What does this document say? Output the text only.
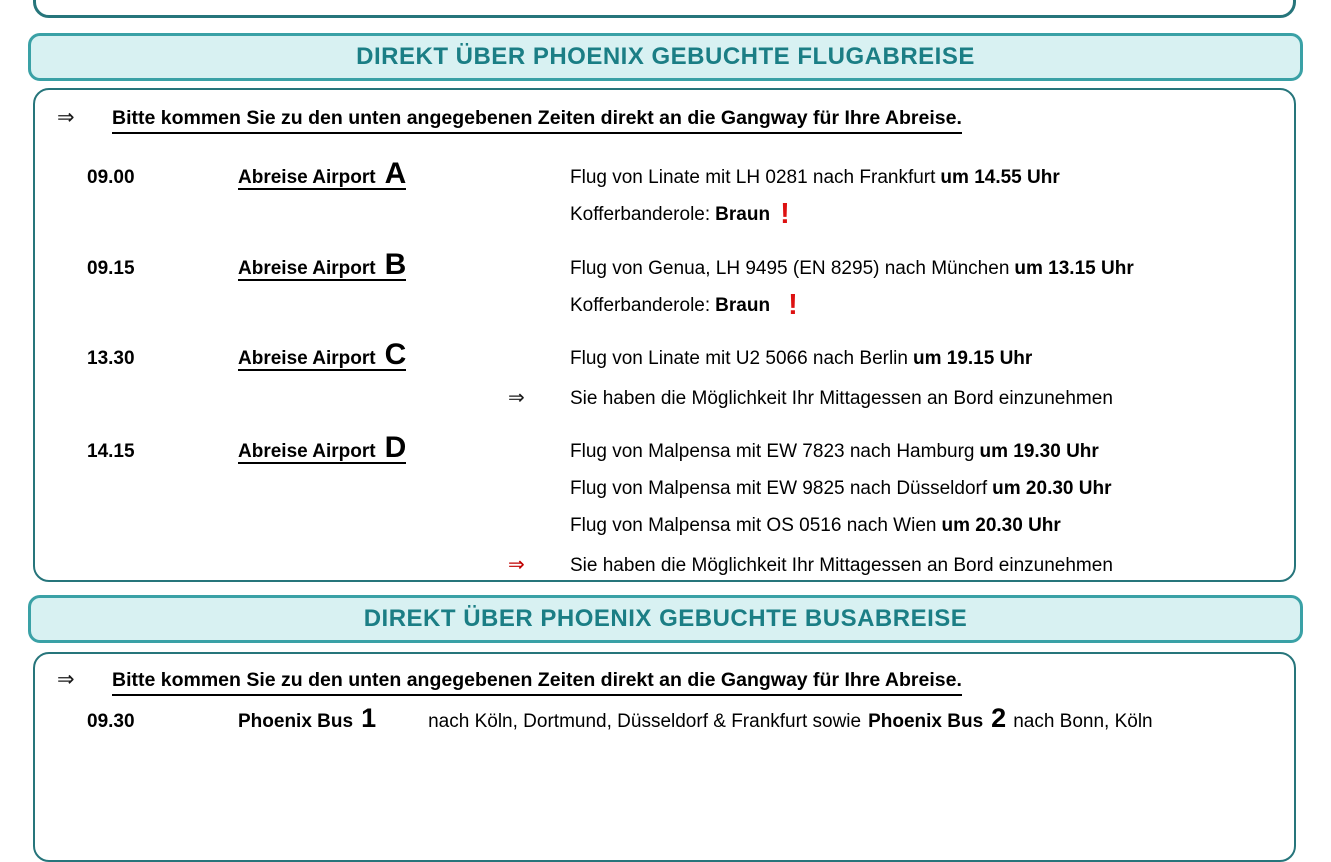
DIREKT ÜBER PHOENIX GEBUCHTE FLUGABREISE
⇒	Bitte kommen Sie zu den unten angegebenen Zeiten direkt an die Gangway für Ihre Abreise.
09.00	Abreise Airport A	Flug von Linate mit LH 0281 nach Frankfurt um 14.55 Uhr
Kofferbanderole: Braun !
09.15	Abreise Airport B	Flug von Genua, LH 9495 (EN 8295) nach München um 13.15 Uhr
Kofferbanderole: Braun !
13.30	Abreise Airport C	Flug von Linate mit U2 5066 nach Berlin um 19.15 Uhr
⇒	Sie haben die Möglichkeit Ihr Mittagessen an Bord einzunehmen
14.15	Abreise Airport D	Flug von Malpensa mit EW 7823 nach Hamburg um 19.30 Uhr
Flug von Malpensa mit EW 9825 nach Düsseldorf um 20.30 Uhr
Flug von Malpensa mit OS 0516 nach Wien um 20.30 Uhr
⇒	Sie haben die Möglichkeit Ihr Mittagessen an Bord einzunehmen
DIREKT ÜBER PHOENIX GEBUCHTE BUSABREISE
⇒	Bitte kommen Sie zu den unten angegebenen Zeiten direkt an die Gangway für Ihre Abreise.
09.30	Phoenix Bus 1	nach Köln, Dortmund, Düsseldorf & Frankfurt sowie Phoenix Bus 2 nach Bonn, Köln
